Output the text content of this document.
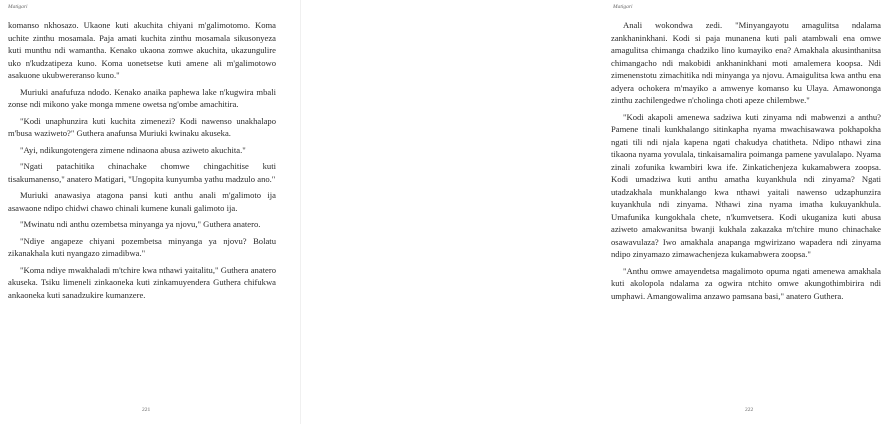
Matigari

komanso nkhosazo. Ukaone kuti akuchita chiyani m'galimotomo. Koma uchite zinthu mosamala. Paja amati kuchita zinthu mosamala sikusonyeza kuti munthu ndi wamantha. Kenako ukaona zomwe akuchita, ukazungulire uko n'kudzatipeza kuno. Koma uonetsetse kuti amene ali m'galimotowo asakuone ukubwereranso kuno."

Muriuki anafufuza ndodo. Kenako anaika paphewa lake n'kugwira mbali zonse ndi mikono yake monga mmene owetsa ng'ombe amachitira.

"Kodi unaphunzira kuti kuchita zimenezi? Kodi nawenso unakhalapo m'busa waziweto?" Guthera anafunsa Muriuki kwinaku akuseka.

"Ayi, ndikungotengera zimene ndinaona abusa aziweto akuchita."

"Ngati patachitika chinachake chomwe chingachitise kuti tisakumanenso," anatero Matigari, "Ungopita kunyumba yathu madzulo ano."

Muriuki anawasiya atagona pansi kuti anthu anali m'galimoto ija asawaone ndipo chidwi chawo chinali kumene kunali galimoto ija.

"Mwinatu ndi anthu ozembetsa minyanga ya njovu," Guthera anatero.

"Ndiye angapeze chiyani pozembetsa minyanga ya njovu? Bolatu zikanakhala kuti nyangazo zimadibwa."

"Koma ndiye mwakhaladi m'tchire kwa nthawi yaitalitu," Guthera anatero akuseka. Tsiku limeneli zinkaoneka kuti zinkamuyendera Guthera chifukwa ankaoneka kuti sanadzukire kumanzere.

221
Matigari

Anali wokondwa zedi. "Minyangayotu amagulitsa ndalama zankhaninkhani. Kodi si paja munanena kuti pali atambwali ena omwe amagulitsa chimanga chadziko lino kumayiko ena? Amakhala akusinthanitsa chimangacho ndi makobidi ankhaninkhani moti amalemera koopsa. Ndi zimenenstotu zimachitika ndi minyanga ya njovu. Amaigulitsa kwa anthu ena adyera ochokera m'mayiko a amwenye komanso ku Ulaya. Amawononga zinthu zachilengedwe n'cholinga choti apeze chilembwe."

"Kodi akapoli amenewa sadziwa kuti zinyama ndi mabwenzi a anthu? Pamene tinali kunkhalango sitinkapha nyama mwachisawawa pokhapokha ngati tili ndi njala kapena ngati chakudya chatitheta. Ndipo nthawi zina tikaona nyama yovulala, tinkaisamalira poimanga pamene yavulalapo. Nyama zinali zofunika kwambiri kwa ife. Zinkatichenjeza kukamabwera zoopsa. Kodi umadziwa kuti anthu amatha kuyankhula ndi zinyama? Ngati utadzakhala munkhalango kwa nthawi yaitali nawenso udzaphunzira kuyankhula ndi zinyama. Nthawi zina nyama imatha kukuyankhula. Umafunika kungokhala chete, n'kumvetsera. Kodi ukuganiza kuti abusa aziweto amakwanitsa bwanji kukhala zakazaka m'tchire muno chinachake osawavulaza? Iwo amakhala anapanga mgwirizano wapadera ndi zinyama ndipo zinyamazo zimawachenjeza kukamabwera zoopsa."

"Anthu omwe amayendetsa magalimoto opuma ngati amenewa amakhala kuti akolopola ndalama za ogwira ntchito omwe akungothimbirira ndi umphawi. Amangowalima anzawo pamsana basi," anatero Guthera.

222
